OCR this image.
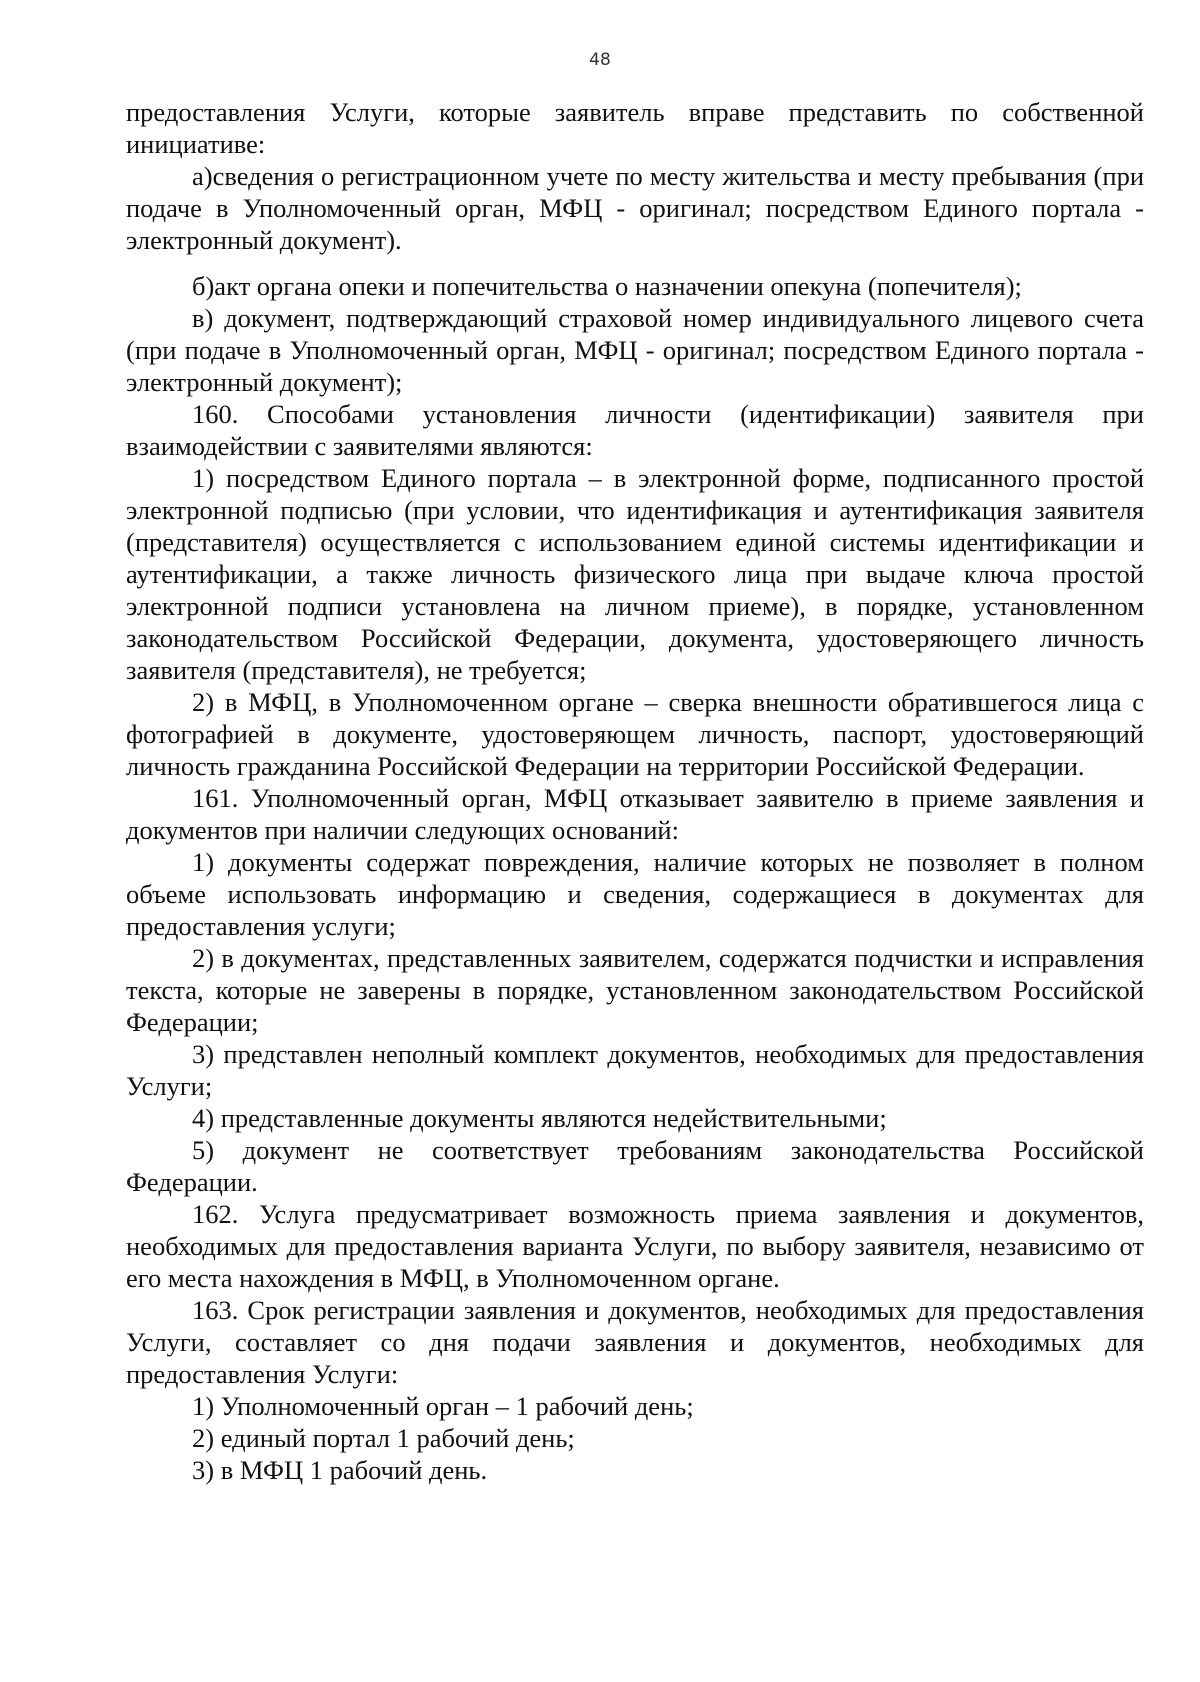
48

предоставления Услуги, которые заявитель вправе представить по собственной инициативе:

а)сведения о регистрационном учете по месту жительства и месту пребывания (при подаче в Уполномоченный орган, МФЦ - оригинал; посредством Единого портала - электронный документ).

б)акт органа опеки и попечительства о назначении опекуна (попечителя);

в) документ, подтверждающий страховой номер индивидуального лицевого счета (при подаче в Уполномоченный орган, МФЦ - оригинал; посредством Единого портала - электронный документ);

160. Способами установления личности (идентификации) заявителя при взаимодействии с заявителями являются:

1) посредством Единого портала – в электронной форме, подписанного простой электронной подписью (при условии, что идентификация и аутентификация заявителя (представителя) осуществляется с использованием единой системы идентификации и аутентификации, а также личность физического лица при выдаче ключа простой электронной подписи установлена на личном приеме), в порядке, установленном законодательством Российской Федерации, документа, удостоверяющего личность заявителя (представителя), не требуется;

2) в МФЦ, в Уполномоченном органе – сверка внешности обратившегося лица с фотографией в документе, удостоверяющем личность, паспорт, удостоверяющий личность гражданина Российской Федерации на территории Российской Федерации.

161. Уполномоченный орган, МФЦ отказывает заявителю в приеме заявления и документов при наличии следующих оснований:

1) документы содержат повреждения, наличие которых не позволяет в полном объеме использовать информацию и сведения, содержащиеся в документах для предоставления услуги;

2) в документах, представленных заявителем, содержатся подчистки и исправления текста, которые не заверены в порядке, установленном законодательством Российской Федерации;

3) представлен неполный комплект документов, необходимых для предоставления Услуги;

4) представленные документы являются недействительными;

5) документ не соответствует требованиям законодательства Российской Федерации.

162. Услуга предусматривает возможность приема заявления и документов, необходимых для предоставления варианта Услуги, по выбору заявителя, независимо от его места нахождения в МФЦ, в Уполномоченном органе.

163. Срок регистрации заявления и документов, необходимых для предоставления Услуги, составляет со дня подачи заявления и документов, необходимых для предоставления Услуги:

1) Уполномоченный орган – 1 рабочий день;

2) единый портал 1 рабочий день;

3) в МФЦ 1 рабочий день.
